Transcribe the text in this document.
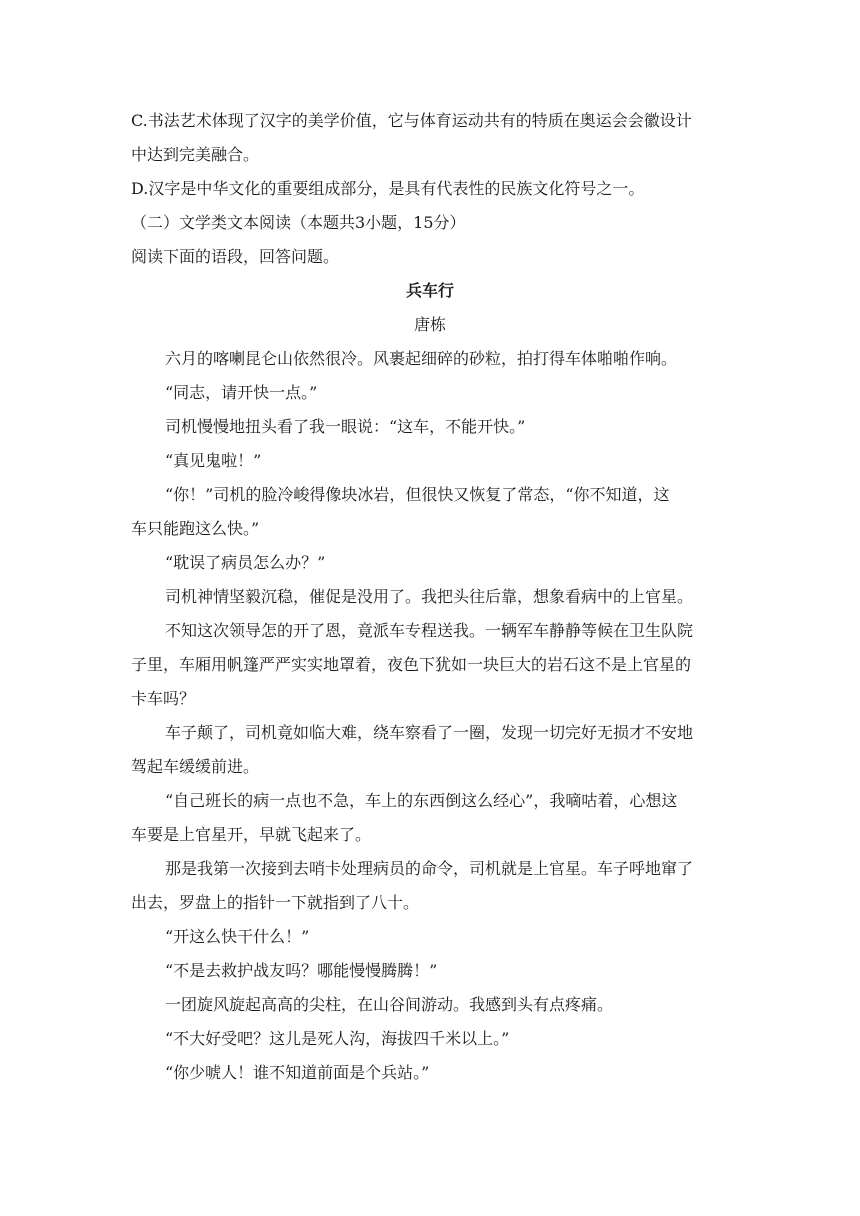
C.书法艺术体现了汉字的美学价值，它与体育运动共有的特质在奥运会会徽设计
中达到完美融合。
D.汉字是中华文化的重要组成部分，是具有代表性的民族文化符号之一。
（二）文学类文本阅读（本题共3小题，15分）
阅读下面的语段，回答问题。
兵车行
唐栋
六月的喀喇昆仑山依然很冷。风裹起细碎的砂粒，拍打得车体啪啪作响。
“同志，请开快一点。”
司机慢慢地扭头看了我一眼说：“这车，不能开快。”
“真见鬼啦！”
“你！”司机的脸冷峻得像块冰岩，但很快又恢复了常态，“你不知道，这
车只能跑这么快。”
“耽误了病员怎么办？”
司机神情坚毅沉稳，催促是没用了。我把头往后靠，想象看病中的上官星。
不知这次领导怎的开了恩，竟派车专程送我。一辆军车静静等候在卫生队院
子里，车厢用帆篷严严实实地罩着，夜色下犹如一块巨大的岩石这不是上官星的
卡车吗？
车子颠了，司机竟如临大难，绕车察看了一圈，发现一切完好无损才不安地
驾起车缓缓前进。
“自己班长的病一点也不急，车上的东西倒这么经心”，我嘀咕着，心想这
车要是上官星开，早就飞起来了。
那是我第一次接到去哨卡处理病员的命令，司机就是上官星。车子呼地窜了
出去，罗盘上的指针一下就指到了八十。
“开这么快干什么！”
“不是去救护战友吗？哪能慢慢腾腾！”
一团旋风旋起高高的尖柱，在山谷间游动。我感到头有点疼痛。
“不大好受吧？这儿是死人沟，海拔四千米以上。”
“你少唬人！谁不知道前面是个兵站。”
